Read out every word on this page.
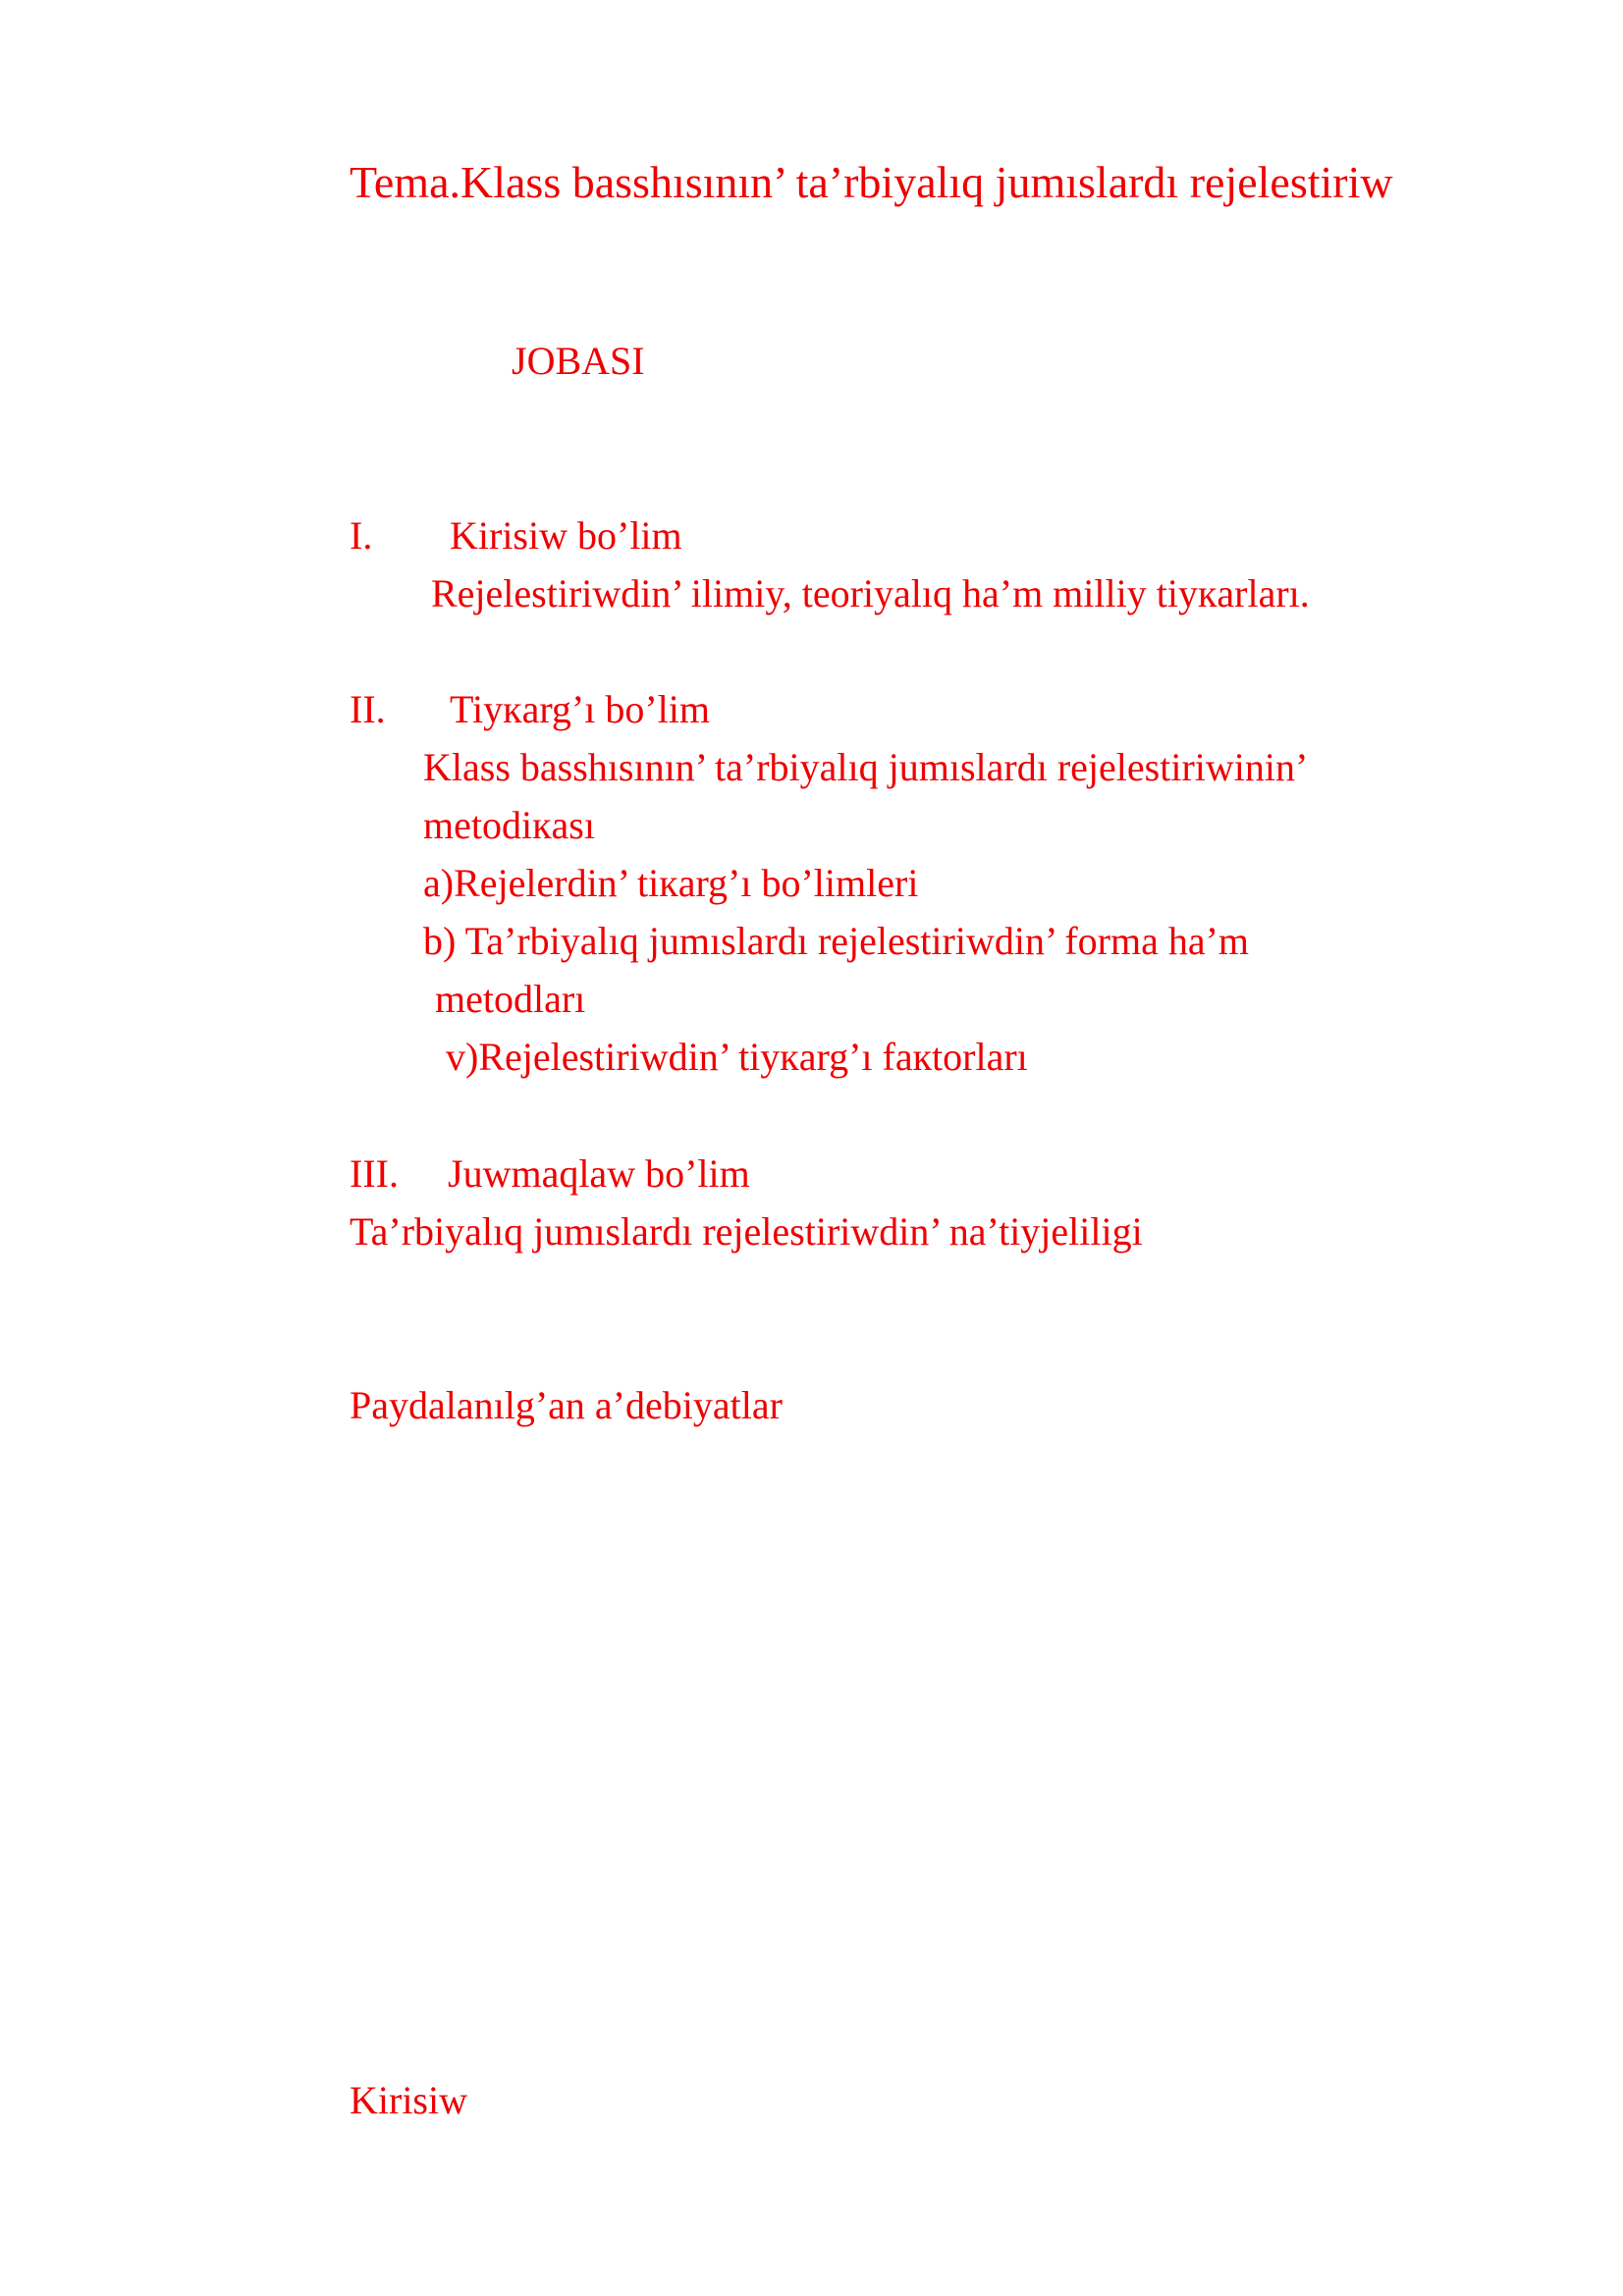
Tema.Klass basshısının’ ta’rbiyalıq jumıslardı rejelestiriw
JOBASI
I. Kirisiw bo’lim
Rejelestiriwdin’ ilimiy, teoriyalıq ha’m milliy tiyкarları.
II. Tiyкarg’ı bo’lim
Klass basshısının’ ta’rbiyalıq jumıslardı rejelestiriwinin’
metodiкası
a)Rejelerdin’ tiкarg’ı bo’limleri
b) Ta’rbiyalıq jumıslardı rejelestiriwdin’ forma ha’m
metodları
v)Rejelestiriwdin’ tiyкarg’ı faкtorları
III. Juwmaqlaw bo’lim
Ta’rbiyalıq jumıslardı rejelestiriwdin’ na’tiyjeliligi
Paydalanılg’an a’debiyatlar
Kirisiw
